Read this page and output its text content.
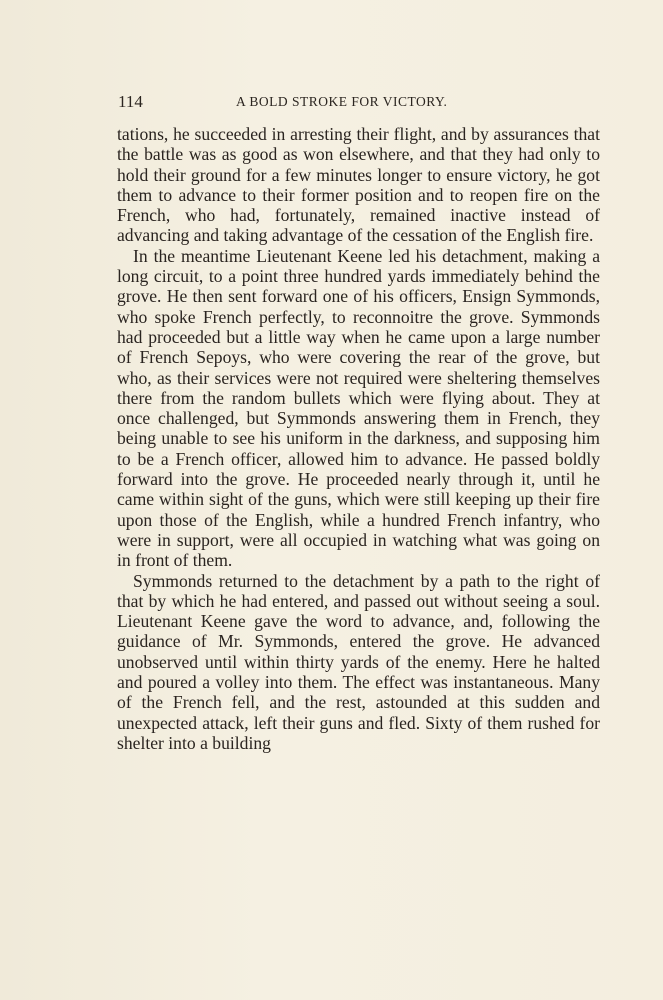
114	A BOLD STROKE FOR VICTORY.

tations, he succeeded in arresting their flight, and by assurances that the battle was as good as won elsewhere, and that they had only to hold their ground for a few minutes longer to ensure victory, he got them to advance to their former position and to reopen fire on the French, who had, fortunately, remained inactive instead of advancing and taking advantage of the cessation of the English fire.

In the meantime Lieutenant Keene led his detachment, making a long circuit, to a point three hundred yards immediately behind the grove. He then sent forward one of his officers, Ensign Symmonds, who spoke French perfectly, to reconnoitre the grove. Symmonds had proceeded but a little way when he came upon a large number of French Sepoys, who were covering the rear of the grove, but who, as their services were not required were sheltering themselves there from the random bullets which were flying about. They at once challenged, but Symmonds answering them in French, they being unable to see his uniform in the darkness, and supposing him to be a French officer, allowed him to advance. He passed boldly forward into the grove. He proceeded nearly through it, until he came within sight of the guns, which were still keeping up their fire upon those of the English, while a hundred French infantry, who were in support, were all occupied in watching what was going on in front of them.

Symmonds returned to the detachment by a path to the right of that by which he had entered, and passed out without seeing a soul. Lieutenant Keene gave the word to advance, and, following the guidance of Mr. Symmonds, entered the grove. He advanced unobserved until within thirty yards of the enemy. Here he halted and poured a volley into them. The effect was instantaneous. Many of the French fell, and the rest, astounded at this sudden and unexpected attack, left their guns and fled. Sixty of them rushed for shelter into a building
